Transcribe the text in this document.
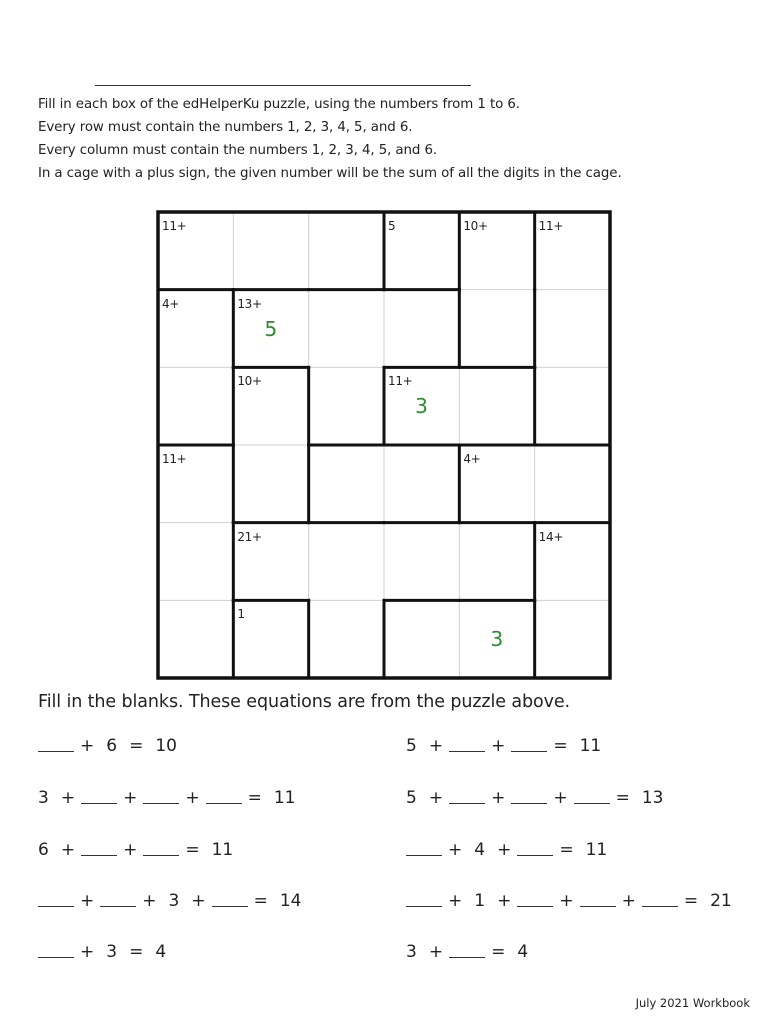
Fill in each box of the edHelperKu puzzle, using the numbers from 1 to 6.
Every row must contain the numbers 1, 2, 3, 4, 5, and 6.
Every column must contain the numbers 1, 2, 3, 4, 5, and 6.
In a cage with a plus sign, the given number will be the sum of all the digits in the cage.
11+	5	10+	11+
4+	13+
10+	11+
11+	4+
21+	14+
1
5
3
3
Fill in the blanks. These equations are from the puzzle above.
+ 6 = 10	5 +	+	= 11
3 +	+	+	= 11	5 +	+	+	= 13
6 +	+	= 11	+ 4 +	= 11
+	+ 3 +	= 14	+ 1 +	+	+	= 21
+ 3 = 4	3 +	= 4
July 2021 Workbook
